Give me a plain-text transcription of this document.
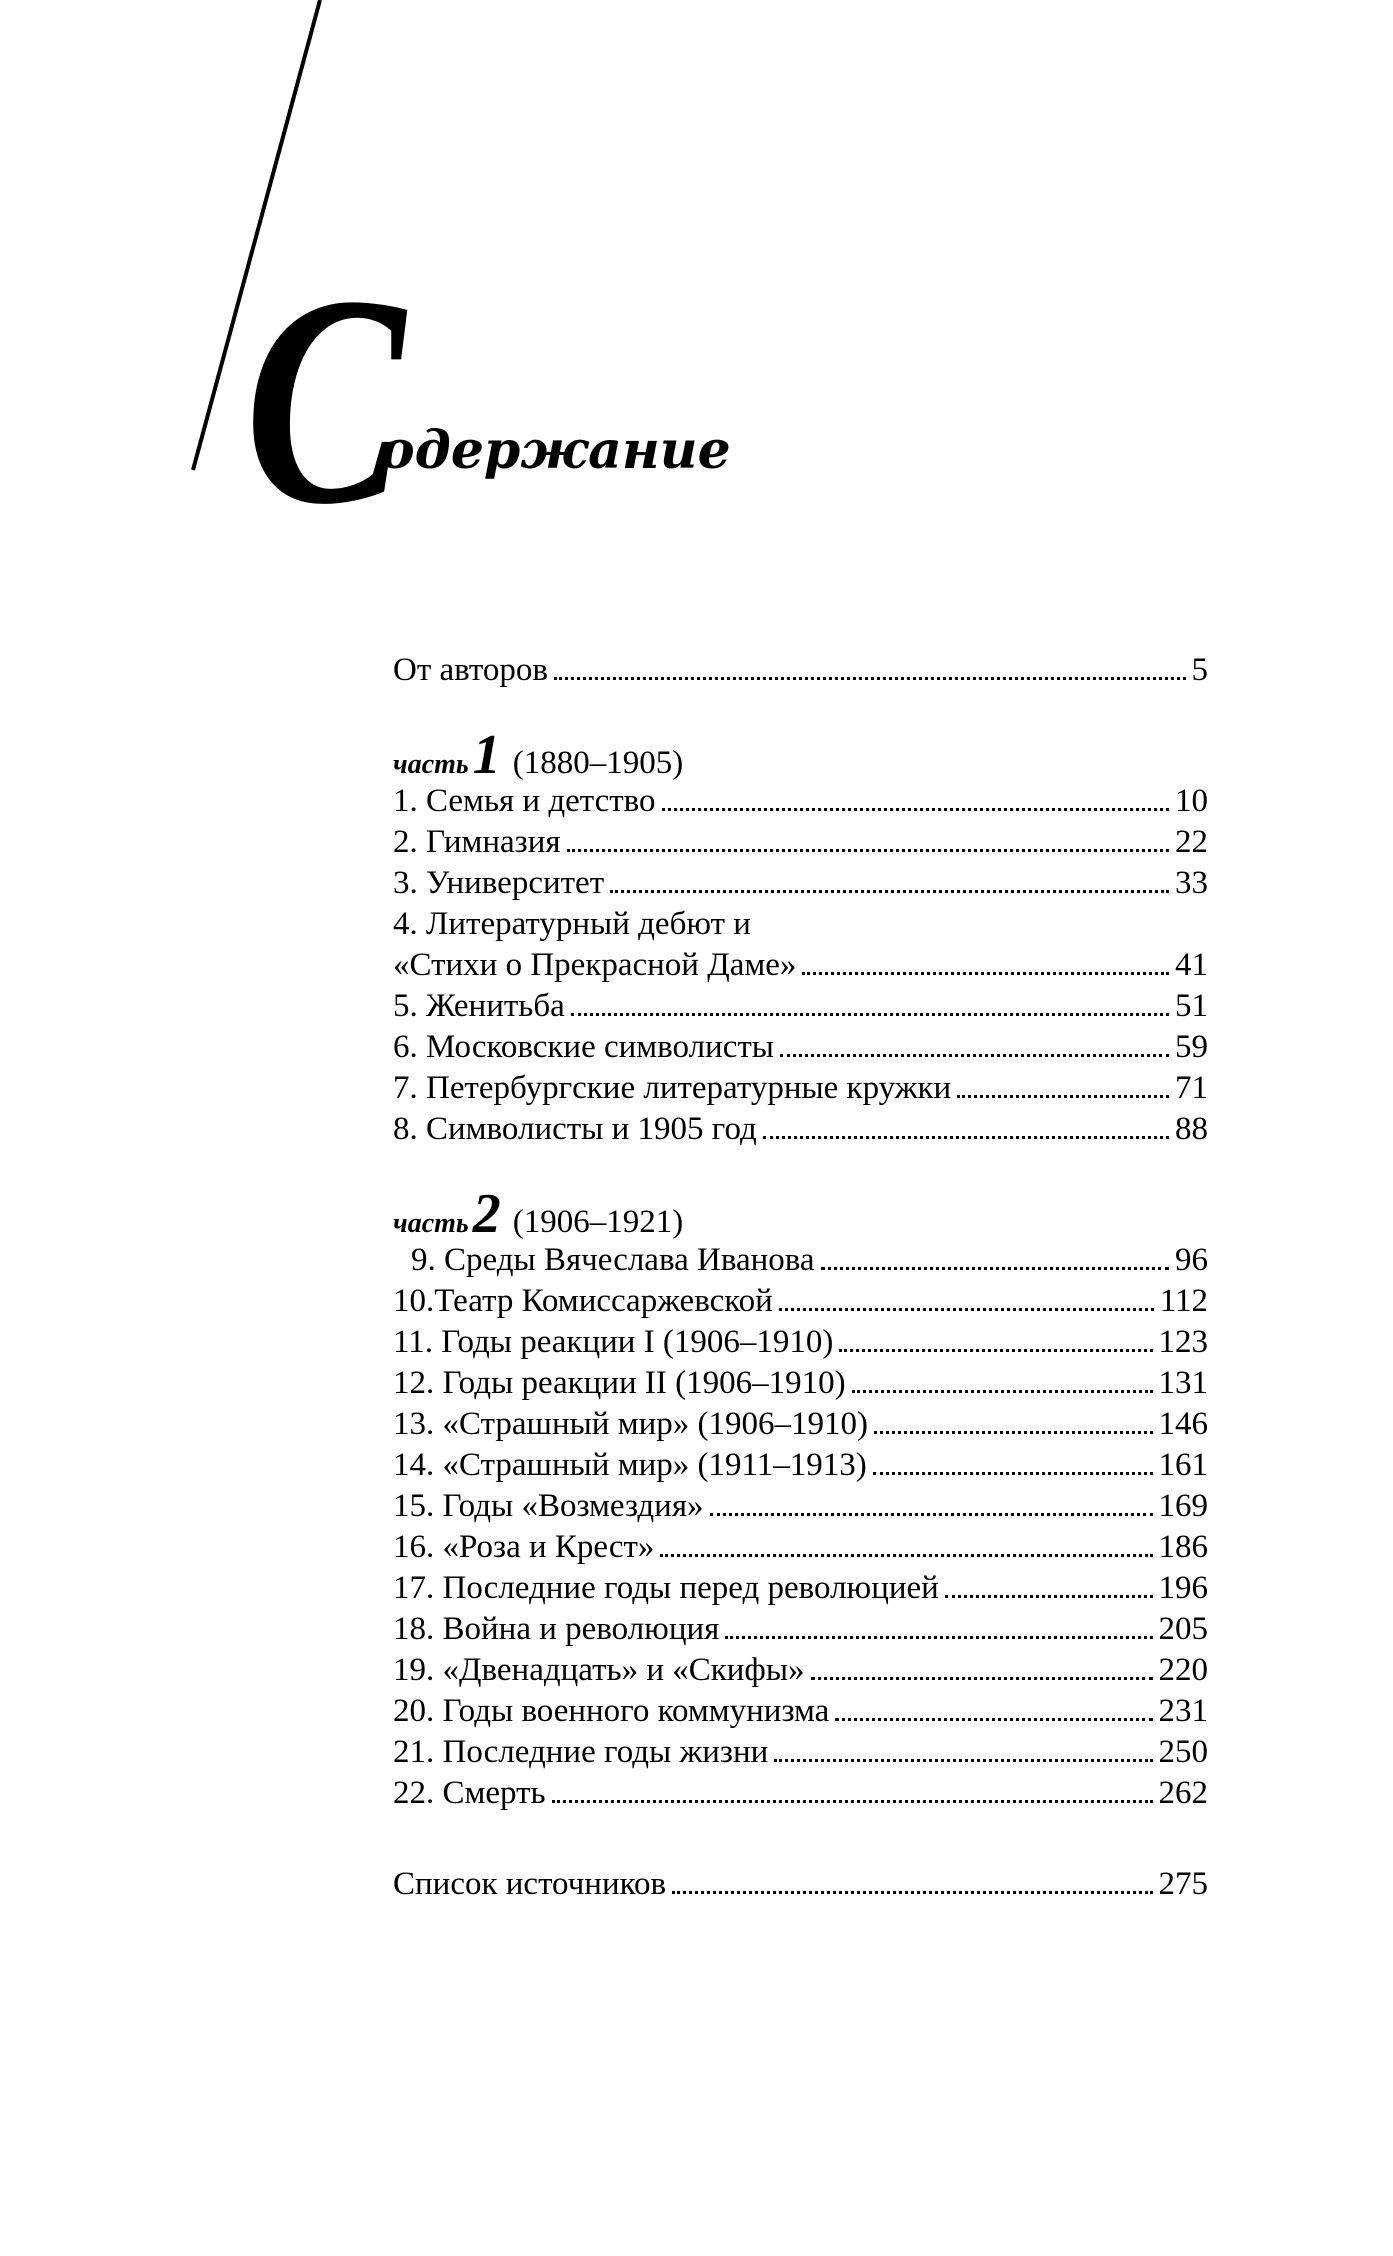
С
одержание
От авторов	5
часть 1 (1880–1905)
1. Семья и детство	10
2. Гимназия	22
3. Университет	33
4. Литературный дебют и
«Стихи о Прекрасной Даме»	41
5. Женитьба	51
6. Московские символисты	59
7. Петербургские литературные кружки	71
8. Символисты и 1905 год	88
часть 2 (1906–1921)
9. Среды Вячеслава Иванова	96
10.Театр Комиссаржевской	112
11. Годы реакции I (1906–1910)	123
12. Годы реакции II (1906–1910)	131
13. «Страшный мир» (1906–1910)	146
14. «Страшный мир» (1911–1913)	161
15. Годы «Возмездия»	169
16. «Роза и Крест»	186
17. Последние годы перед революцией	196
18. Война и революция	205
19. «Двенадцать» и «Скифы»	220
20. Годы военного коммунизма	231
21. Последние годы жизни	250
22. Смерть	262
Список источников	275
